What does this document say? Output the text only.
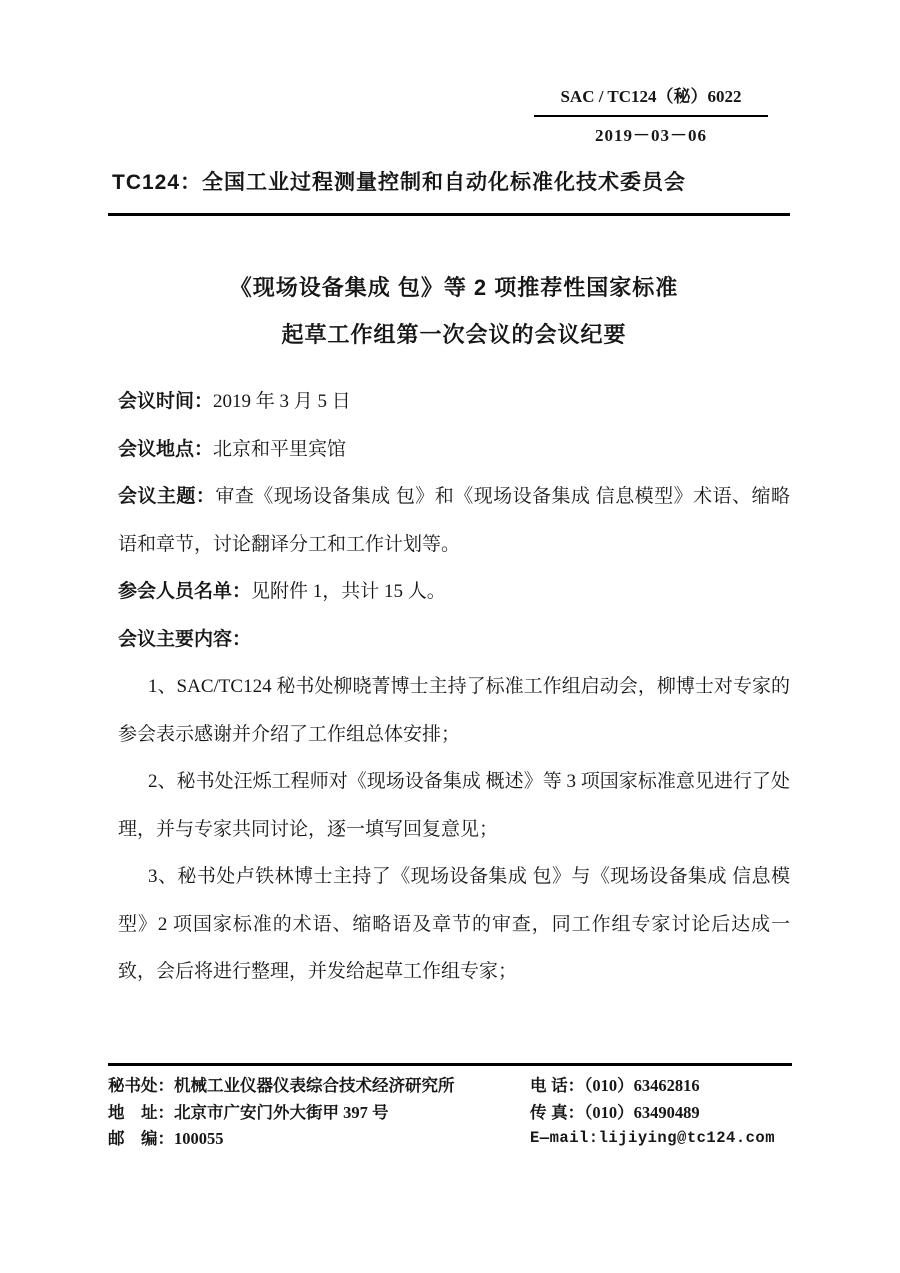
SAC / TC124（秘）6022
2019－03－06
TC124：全国工业过程测量控制和自动化标准化技术委员会
《现场设备集成 包》等 2 项推荐性国家标准
起草工作组第一次会议的会议纪要

会议时间：2019 年 3 月 5 日

会议地点：北京和平里宾馆

会议主题：审查《现场设备集成 包》和《现场设备集成 信息模型》术语、缩略语和章节，讨论翻译分工和工作计划等。

参会人员名单：见附件 1，共计 15 人。

会议主要内容：

1、SAC/TC124 秘书处柳晓菁博士主持了标准工作组启动会，柳博士对专家的参会表示感谢并介绍了工作组总体安排；

2、秘书处汪烁工程师对《现场设备集成 概述》等 3 项国家标准意见进行了处理，并与专家共同讨论，逐一填写回复意见；

3、秘书处卢铁林博士主持了《现场设备集成 包》与《现场设备集成 信息模型》2 项国家标准的术语、缩略语及章节的审查，同工作组专家讨论后达成一致，会后将进行整理，并发给起草工作组专家；

秘书处：机械工业仪器仪表综合技术经济研究所
地　址：北京市广安门外大街甲 397 号
邮　编：100055
电 话：（010）63462816
传 真：（010）63490489
E—mail:lijiying@tc124.com
